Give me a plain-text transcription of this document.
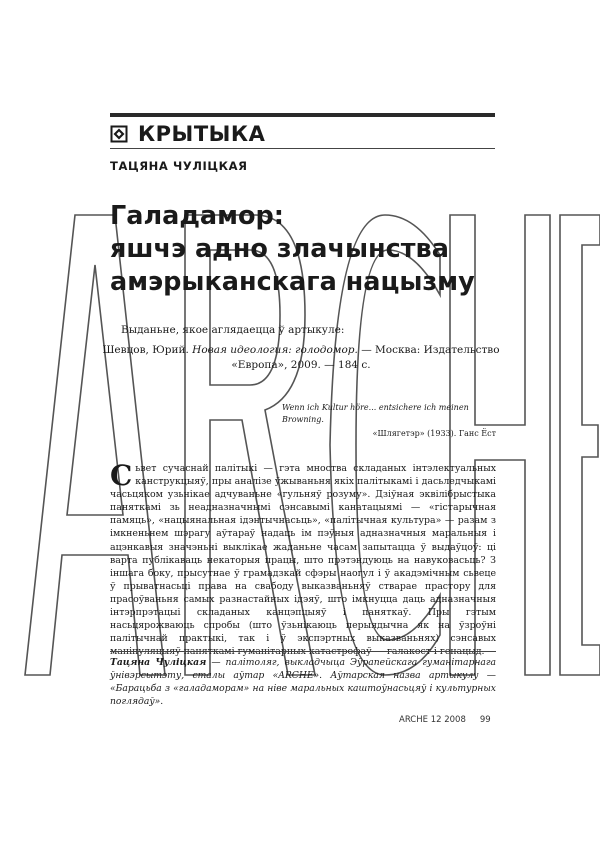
КРЫТЫКА
ТАЦЯНА ЧУЛІЦКАЯ
Галадамор:
яшчэ адно злачынства
амэрыканскага нацызму
Выданьне, якое аглядаецца ў артыкуле:
Шевцов, Юрий. Новая идеология: голодомор. — Москва: Издательство «Европа», 2009. — 184 с.
Wenn ich Kultur höre... entsichere ich meinen Browning.
«Шлягетэр» (1933). Ганс Ёст
Сьвет сучаснай палітыкі — гэта мноства складаных інтэлектуальных канструкцыяў, пры аналізе ўжываньня якіх палітыкамі і дасьледчыкамі часьцяком узьнікае адчуваньне «гульняў розуму». Дзіўная эквілібрыстыка паняткамі зь неадназначнымі сэнсавымі канатацыямі — «гістарычная памяць», «нацыянальная ідэнтычнасьць», «палітычная культура» — разам з імкненьнем шэрагу аўтараў надаць ім пэўныя адназначныя маральныя і ацэнкавыя значэньні выклікае жаданьне часам запытацца ў выдаўцоў: ці варта публікаваць некаторыя працы, што прэтэндуюць на навуковасьць? З іншага боку, прысутнае ў грамадзкай сфэры наогул і ў акадэмічным сьвеце ў прыватнасьці права на свабоду выказваньняў стварае прастору для прасоўваньня самых разнастайных ідэяў, што імкнуцца даць адназначныя інтэрпрэтацыі складаных канцэпцыяў і паняткаў. Пры гэтым насьцярожваюць спробы (што ўзьнікаюць перыядычна як на ўзроўні палітычнай практыкі, так і ў экспэртных выказваньнях) сэнсавых
Тацяна Чуліцкая — палітоляг, выкладчыца Эўрапейскага гуманітарнага ўнівэрсытэту, сталы аўтар «ARCHE». Аўтарская назва артыкулу — «Барацьба з «галадаморам» на ніве маральных каштоўнасьцяў і культурных поглядаў».
ARCHE 12 2008 99
